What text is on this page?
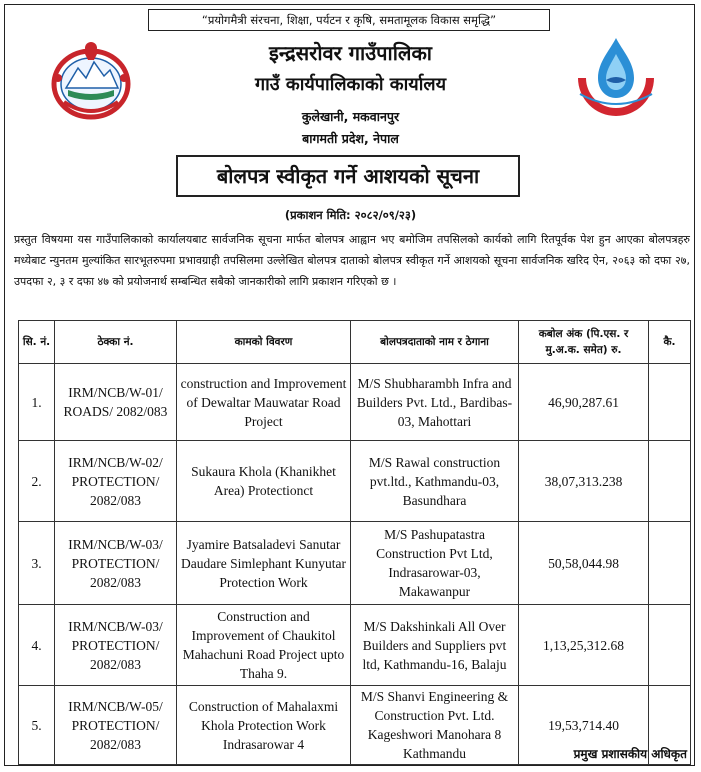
“प्रयोगमैत्री संरचना, शिक्षा, पर्यटन र कृषि, समतामूलक विकास समृद्धि”
इन्द्रसरोवर गाउँपालिका
गाउँ कार्यपालिकाको कार्यालय
कुलेखानी, मकवानपुर
बागमती प्रदेश, नेपाल
बोलपत्र स्वीकृत गर्ने आशयको सूचना
(प्रकाशन मिति: २०८२/०९/२३)
प्रस्तुत विषयमा यस गाउँपालिकाको कार्यालयबाट सार्वजनिक सूचना मार्फत बोलपत्र आह्वान भए बमोजिम तपसिलको कार्यको लागि रितपूर्वक पेश हुन आएका बोलपत्रहरु मध्येबाट न्युनतम मुल्यांकित सारभूतरुपमा प्रभावग्राही तपसिलमा उल्लेखित बोलपत्र दाताको बोलपत्र स्वीकृत गर्ने आशयको सूचना सार्वजनिक खरिद ऐन, २०६३ को दफा २७, उपदफा २, ३ र दफा ४७ को प्रयोजनार्थ सम्बन्धित सबैको जानकारीको लागि प्रकाशन गरिएको छ ।
सि. नं.	ठेक्का नं.	कामको विवरण	बोलपत्रदाताको नाम र ठेगाना	कबोल अंक (पि.एस. र मु.अ.क. समेत) रु.	कै.
1.	IRM/NCB/W-01/ ROADS/ 2082/083	construction and Improvement of Dewaltar Mauwatar Road Project	M/S Shubharambh Infra and Builders Pvt. Ltd., Bardibas-03, Mahottari	46,90,287.61	
2.	IRM/NCB/W-02/ PROTECTION/ 2082/083	Sukaura Khola (Khanikhet Area) Protectionct	M/S Rawal construction pvt.ltd., Kathmandu-03, Basundhara	38,07,313.238	
3.	IRM/NCB/W-03/ PROTECTION/ 2082/083	Jyamire Batsaladevi Sanutar Daudare Simlephant Kunyutar Protection Work	M/S Pashupatastra Construction Pvt Ltd, Indrasarowar-03, Makawanpur	50,58,044.98	
4.	IRM/NCB/W-03/ PROTECTION/ 2082/083	Construction and Improvement of Chaukitol Mahachuni Road Project upto Thaha 9.	M/S Dakshinkali All Over Builders and Suppliers pvt ltd, Kathmandu-16, Balaju	1,13,25,312.68	
5.	IRM/NCB/W-05/ PROTECTION/ 2082/083	Construction of Mahalaxmi Khola Protection Work Indrasarowar 4	M/S Shanvi Engineering & Construction Pvt. Ltd. Kageshwori Manohara 8 Kathmandu	19,53,714.40	
प्रमुख प्रशासकीय अधिकृत
